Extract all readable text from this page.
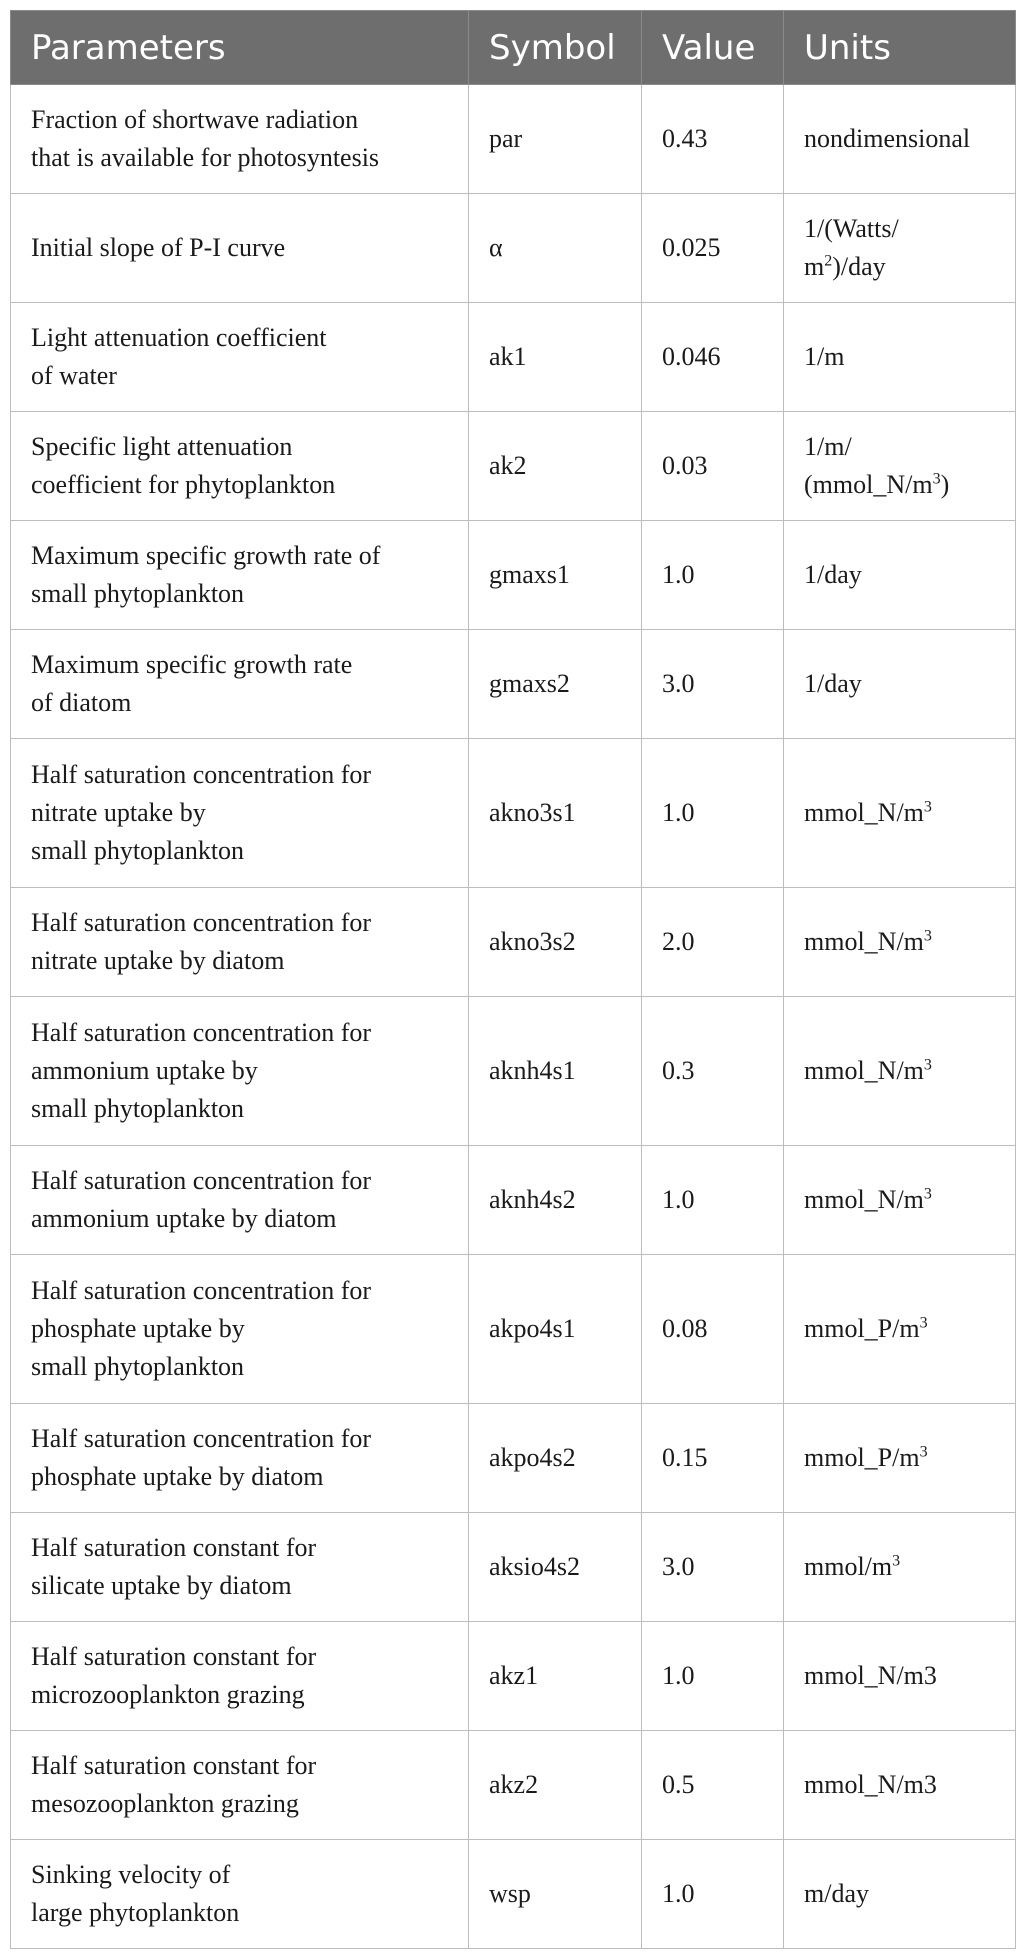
Parameters	Symbol	Value	Units

Fraction of shortwave radiation
that is available for photosyntesis	par	0.43	nondimensional

Initial slope of P-I curve	α	0.025	1/(Watts/
$m^2$)/day

Light attenuation coefficient
of water	ak1	0.046	1/m

Specific light attenuation
coefficient for phytoplankton	ak2	0.03	1/m/
$(mmol\_N/m^3)$

Maximum specific growth rate of
small phytoplankton	gmaxs1	1.0	1/day

Maximum specific growth rate
of diatom	gmaxs2	3.0	1/day

Half saturation concentration for
nitrate uptake by
small phytoplankton	akno3s1	1.0	$mmol\_N/m^3$

Half saturation concentration for
nitrate uptake by diatom	akno3s2	2.0	$mmol\_N/m^3$

Half saturation concentration for
ammonium uptake by
small phytoplankton	aknh4s1	0.3	$mmol\_N/m^3$

Half saturation concentration for
ammonium uptake by diatom	aknh4s2	1.0	$mmol\_N/m^3$

Half saturation concentration for
phosphate uptake by
small phytoplankton	akpo4s1	0.08	$mmol\_P/m^3$

Half saturation concentration for
phosphate uptake by diatom	akpo4s2	0.15	$mmol\_P/m^3$

Half saturation constant for
silicate uptake by diatom	aksio4s2	3.0	mmol/$m^3$

Half saturation constant for
microzooplankton grazing	akz1	1.0	mmol_N/m3

Half saturation constant for
mesozooplankton grazing	akz2	0.5	mmol_N/m3

Sinking velocity of
large phytoplankton	wsp	1.0	m/day
